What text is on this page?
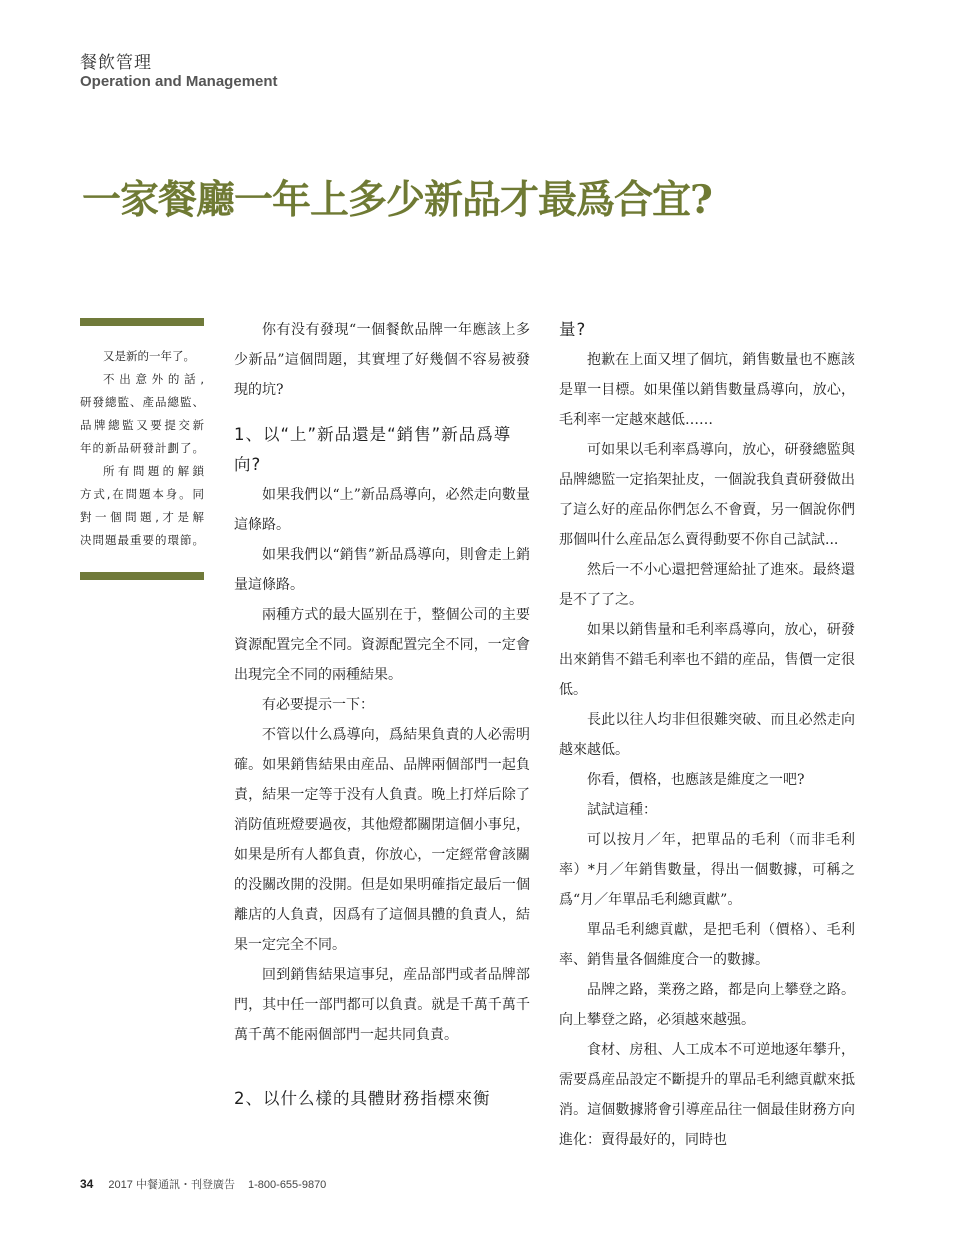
餐飲管理
Operation and Management
一家餐廳一年上多少新品才最爲合宜?

又是新的一年了。

不出意外的話,

研發總監、產品總監、

品牌總監又要提交新

年的新品研發計劃了。

所有問題的解鎖

方式,在問題本身。同

對一個問題,才是解

决問題最重要的環節。

你有没有發現“一個餐飲品牌一年應該上多少新品”這個問題，其實埋了好幾個不容易被發現的坑?

1、以“上”新品還是“銷售”新品爲導向?

如果我們以“上”新品爲導向，必然走向數量這條路。

如果我們以“銷售”新品爲導向，則會走上銷量這條路。

兩種方式的最大區别在于，整個公司的主要資源配置完全不同。資源配置完全不同，一定會出現完全不同的兩種結果。

有必要提示一下：

不管以什么爲導向，爲結果負責的人必需明確。如果銷售結果由産品、品牌兩個部門一起負責，結果一定等于没有人負責。晚上打烊后除了消防值班燈要過夜，其他燈都關閉這個小事兒，如果是所有人都負責，你放心，一定經常會該關的没關改開的没開。但是如果明確指定最后一個離店的人負責，因爲有了這個具體的負責人，結果一定完全不同。

回到銷售結果這事兒，産品部門或者品牌部門，其中任一部門都可以負責。就是千萬千萬千萬千萬不能兩個部門一起共同負責。

2、以什么樣的具體財務指標來衡
量?

抱歉在上面又埋了個坑，銷售數量也不應該是單一目標。如果僅以銷售數量爲導向，放心，毛利率一定越來越低……

可如果以毛利率爲導向，放心，研發總監與品牌總監一定掐架扯皮，一個說我負責研發做出了這么好的産品你們怎么不會賣，另一個說你們那個叫什么産品怎么賣得動要不你自己試試...

然后一不小心還把營運給扯了進來。最終還是不了了之。

如果以銷售量和毛利率爲導向，放心，研發出來銷售不錯毛利率也不錯的産品，售價一定很低。

長此以往人均非但很難突破、而且必然走向越來越低。

你看，價格，也應該是維度之一吧?

試試這種：

可以按月／年，把單品的毛利（而非毛利率）*月／年銷售數量，得出一個數據，可稱之爲“月／年單品毛利總貢獻”。

單品毛利總貢獻，是把毛利（價格）、毛利率、銷售量各個維度合一的數據。

品牌之路，業務之路，都是向上攀登之路。向上攀登之路，必須越來越强。

食材、房租、人工成本不可逆地逐年攀升，需要爲産品設定不斷提升的單品毛利總貢獻來抵消。這個數據將會引導産品往一個最佳財務方向進化：賣得最好的，同時也

34 2017 中餐通訊・刊登廣告 1-800-655-9870
